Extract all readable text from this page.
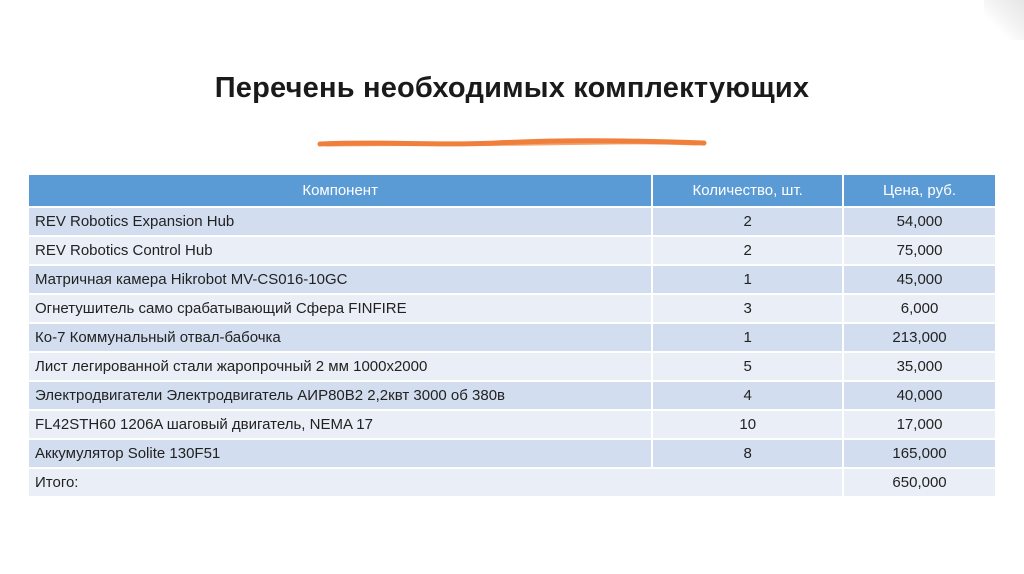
Перечень необходимых комплектующих
Компонент	Количество, шт.	Цена, руб.
REV Robotics Expansion Hub	2	54,000
REV Robotics Control Hub	2	75,000
Матричная камера Hikrobot MV-CS016-10GC	1	45,000
Огнетушитель само срабатывающий Сфера FINFIRE	3	6,000
Ко-7 Коммунальный отвал-бабочка	1	213,000
Лист легированной стали жаропрочный 2 мм 1000х2000	5	35,000
Электродвигатели Электродвигатель АИР80В2 2,2квт 3000 об 380в	4	40,000
FL42STH60 1206A шаговый двигатель, NEMA 17	10	17,000
Аккумулятор Solite 130F51	8	165,000
Итого:		650,000
